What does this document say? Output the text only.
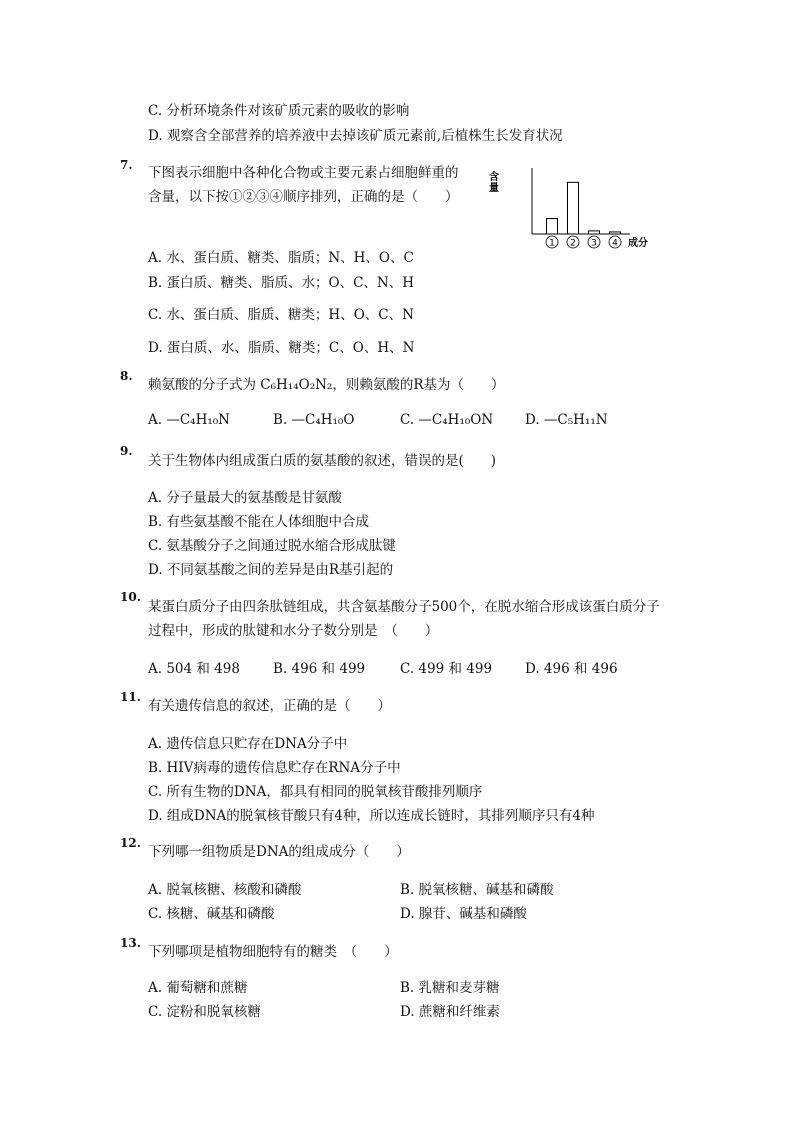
C. 分析环境条件对该矿质元素的吸收的影响
D. 观察含全部营养的培养液中去掉该矿质元素前,后植株生长发育状况
7. 下图表示细胞中各种化合物或主要元素占细胞鲜重的
含量，以下按①②③④顺序排列，正确的是（　　）
含
量
1 2 3 4 成分
A. 水、蛋白质、糖类、脂质；N、H、O、C
B. 蛋白质、糖类、脂质、水；O、C、N、H
C. 水、蛋白质、脂质、糖类；H、O、C、N
D. 蛋白质、水、脂质、糖类；C、O、H、N
8.
赖氨酸的分子式为 C₆H₁₄O₂N₂，则赖氨酸的R基为（　　）
A. —C₄H₁₀N	B. —C₄H₁₀O	C. —C₄H₁₀ON D. —C₅H₁₁N
9.
关于生物体内组成蛋白质的氨基酸的叙述，错误的是(　　)
A. 分子量最大的氨基酸是甘氨酸
B. 有些氨基酸不能在人体细胞中合成
C. 氨基酸分子之间通过脱水缩合形成肽键
D. 不同氨基酸之间的差异是由R基引起的
10.
某蛋白质分子由四条肽链组成，共含氨基酸分子500个，在脱水缩合形成该蛋白质分子
过程中，形成的肽键和水分子数分别是　（　　）
A. 504 和 498 B. 496 和 499	C. 499 和 499 D. 496 和 496
11.
有关遗传信息的叙述，正确的是（　　）
A. 遗传信息只贮存在DNA分子中
B. HIV病毒的遗传信息贮存在RNA分子中
C. 所有生物的DNA，都具有相同的脱氧核苷酸排列顺序
D. 组成DNA的脱氧核苷酸只有4种，所以连成长链时，其排列顺序只有4种
12.
下列哪一组物质是DNA的组成成分（　　）
A. 脱氧核糖、核酸和磷酸	B. 脱氧核糖、碱基和磷酸
C. 核糖、碱基和磷酸	D. 腺苷、碱基和磷酸
13.
下列哪项是植物细胞特有的糖类　（　　）
A. 葡萄糖和蔗糖	B. 乳糖和麦芽糖
C. 淀粉和脱氧核糖	D. 蔗糖和纤维素
